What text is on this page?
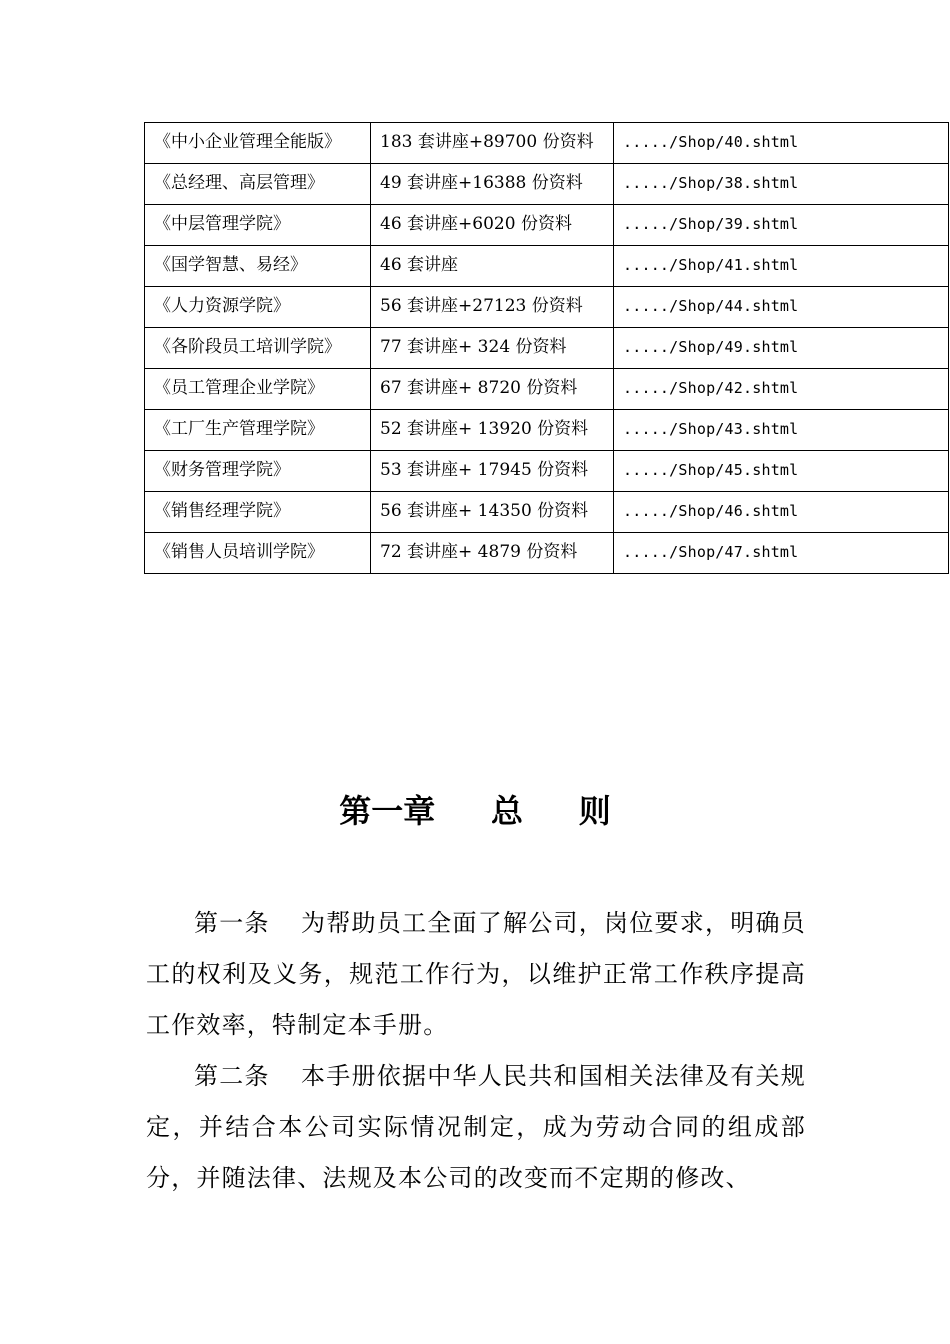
《中小企业管理全能版》	183 套讲座+89700 份资料	...../Shop/40.shtml
《总经理、高层管理》	49 套讲座+16388 份资料	...../Shop/38.shtml
《中层管理学院》	46 套讲座+6020 份资料	...../Shop/39.shtml
《国学智慧、易经》	46 套讲座	...../Shop/41.shtml
《人力资源学院》	56 套讲座+27123 份资料	...../Shop/44.shtml
《各阶段员工培训学院》	77 套讲座+ 324 份资料	...../Shop/49.shtml
《员工管理企业学院》	67 套讲座+ 8720 份资料	...../Shop/42.shtml
《工厂生产管理学院》	52 套讲座+ 13920 份资料	...../Shop/43.shtml
《财务管理学院》	53 套讲座+ 17945 份资料	...../Shop/45.shtml
《销售经理学院》	56 套讲座+ 14350 份资料	...../Shop/46.shtml
《销售人员培训学院》	72 套讲座+ 4879 份资料	...../Shop/47.shtml
第一章     总     则

第一条 为帮助员工全面了解公司，岗位要求，明确员工的权利及义务，规范工作行为，以维护正常工作秩序提高工作效率，特制定本手册。

第二条 本手册依据中华人民共和国相关法律及有关规定，并结合本公司实际情况制定，成为劳动合同的组成部分，并随法律、法规及本公司的改变而不定期的修改、
